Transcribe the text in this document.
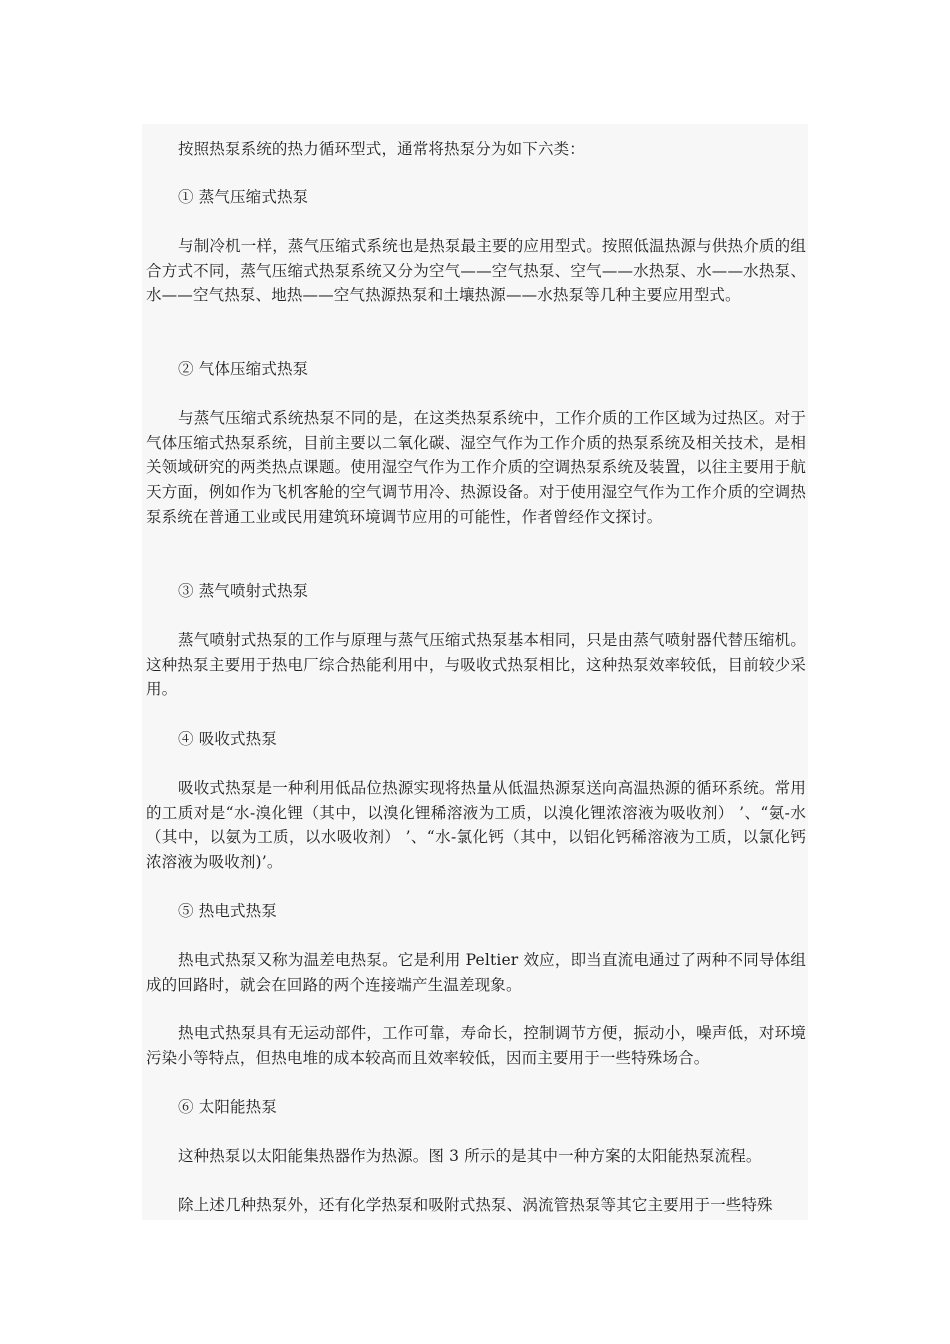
按照热泵系统的热力循环型式，通常将热泵分为如下六类：

① 蒸气压缩式热泵

与制冷机一样，蒸气压缩式系统也是热泵最主要的应用型式。按照低温热源与供热介质的组合方式不同，蒸气压缩式热泵系统又分为空气——空气热泵、空气——水热泵、水——水热泵、水——空气热泵、地热——空气热源热泵和土壤热源——水热泵等几种主要应用型式。

② 气体压缩式热泵

与蒸气压缩式系统热泵不同的是，在这类热泵系统中，工作介质的工作区域为过热区。对于气体压缩式热泵系统，目前主要以二氧化碳、湿空气作为工作介质的热泵系统及相关技术，是相关领域研究的两类热点课题。使用湿空气作为工作介质的空调热泵系统及装置，以往主要用于航天方面，例如作为飞机客舱的空气调节用冷、热源设备。对于使用湿空气作为工作介质的空调热泵系统在普通工业或民用建筑环境调节应用的可能性，作者曾经作文探讨。

③ 蒸气喷射式热泵

蒸气喷射式热泵的工作与原理与蒸气压缩式热泵基本相同，只是由蒸气喷射器代替压缩机。这种热泵主要用于热电厂综合热能利用中，与吸收式热泵相比，这种热泵效率较低，目前较少采用。

④ 吸收式热泵

吸收式热泵是一种利用低品位热源实现将热量从低温热源泵送向高温热源的循环系统。常用的工质对是“水-溴化锂（其中，以溴化锂稀溶液为工质，以溴化锂浓溶液为吸收剂） ’、“氨-水（其中，以氨为工质，以水吸收剂） ’、“水-氯化钙（其中，以铝化钙稀溶液为工质，以氯化钙浓溶液为吸收剂)’。

⑤ 热电式热泵

热电式热泵又称为温差电热泵。它是利用 Peltier 效应，即当直流电通过了两种不同导体组成的回路时，就会在回路的两个连接端产生温差现象。

热电式热泵具有无运动部件，工作可靠，寿命长，控制调节方便，振动小，噪声低，对环境污染小等特点，但热电堆的成本较高而且效率较低，因而主要用于一些特殊场合。

⑥ 太阳能热泵

这种热泵以太阳能集热器作为热源。图 3 所示的是其中一种方案的太阳能热泵流程。

除上述几种热泵外，还有化学热泵和吸附式热泵、涡流管热泵等其它主要用于一些特殊
